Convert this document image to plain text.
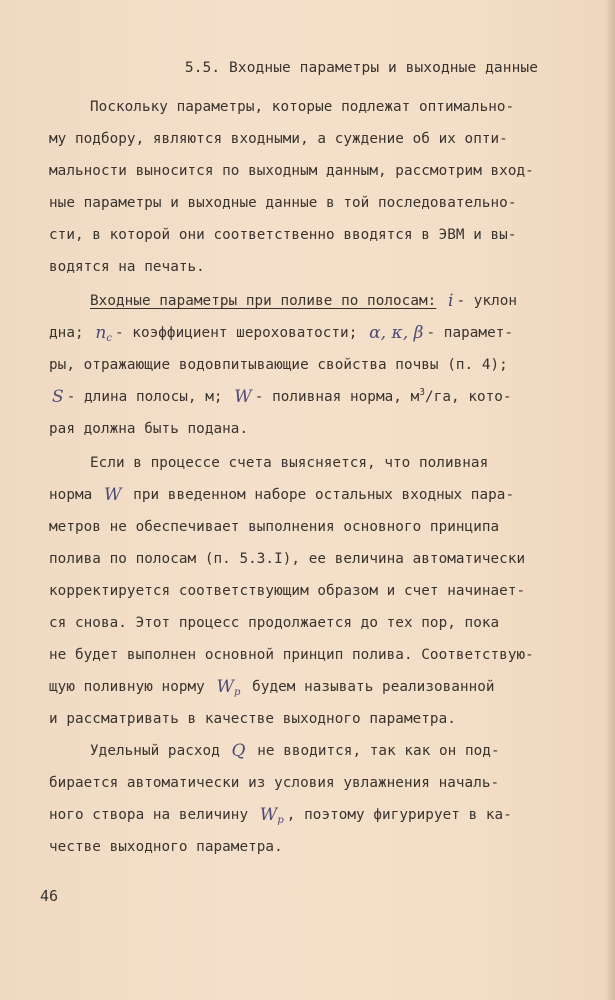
5.5. Входные параметры и выходные данные
Поскольку параметры, которые подлежат оптимально-
му подбору, являются входными, а суждение об их опти-
мальности выносится по выходным данным, рассмотрим вход-
ные параметры и выходные данные в той последовательно-
сти, в которой они соответственно вводятся в ЭВМ и вы-
водятся на печать.
Входные параметры при поливе по полосам: i - уклон
дна; $n_c$ - коэффициент шероховатости; α, κ, β - парамет-
ры, отражающие водовпитывающие свойства почвы (п. 4);
S - длина полосы, м; W - поливная норма, $м^3/га$, кото-
рая должна быть подана.
Если в процессе счета выясняется, что поливная
норма W при введенном наборе остальных входных пара-
метров не обеспечивает выполнения основного принципа
полива по полосам (п. 5.3.I), ее величина автоматически
корректируется соответствующим образом и счет начинает-
ся снова. Этот процесс продолжается до тех пор, пока
не будет выполнен основной принцип полива. Соответствую-
щую поливную норму $W_p$ будем называть реализованной
и рассматривать в качестве выходного параметра.
Удельный расход Q не вводится, так как он под-
бирается автоматически из условия увлажнения началь-
ного створа на величину $W_p$ , поэтому фигурирует в ка-
честве выходного параметра.
46
